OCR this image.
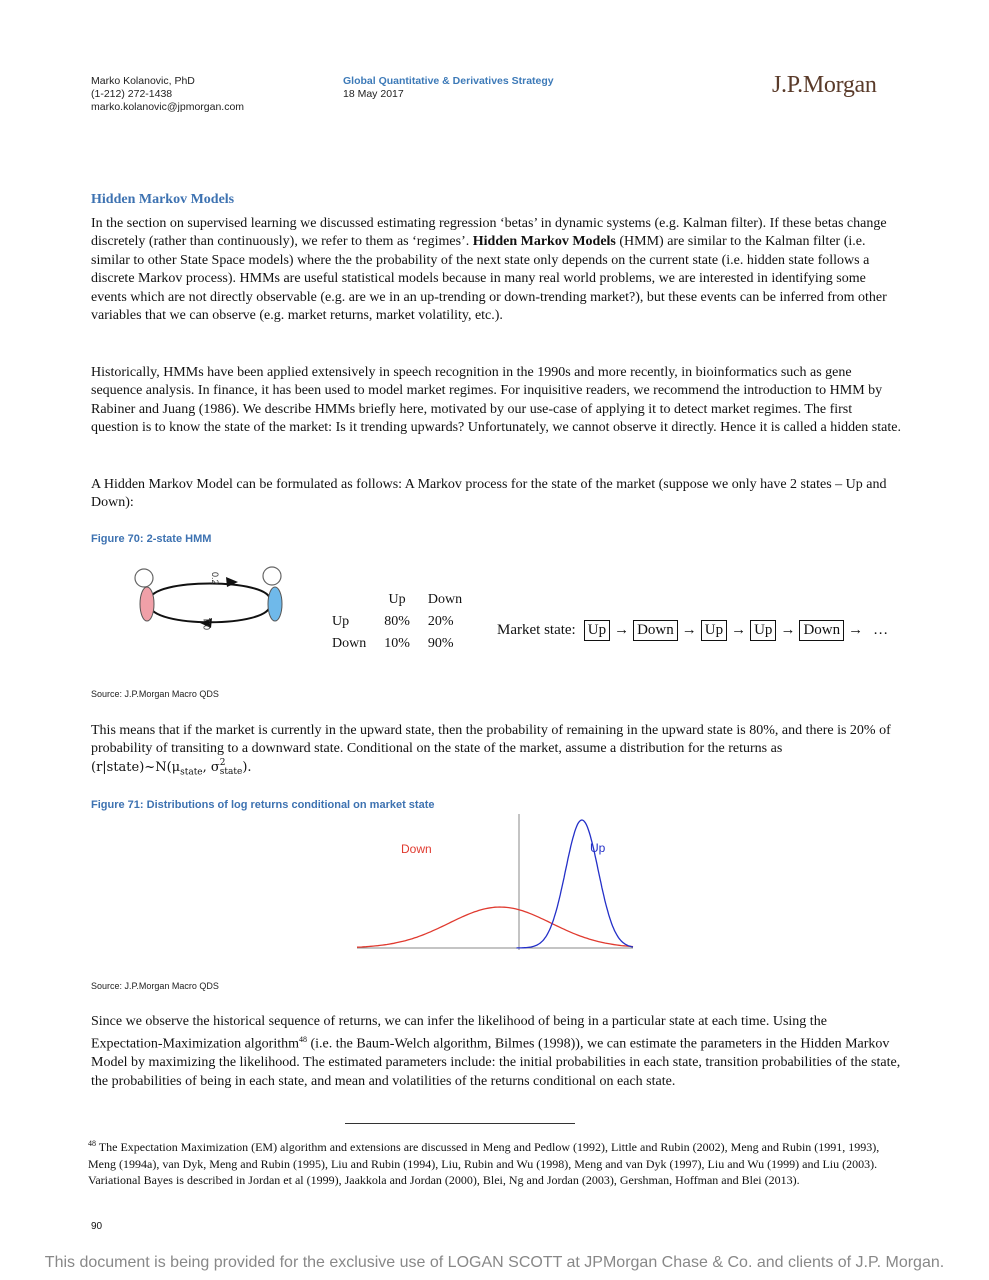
Marko Kolanovic, PhD
(1-212) 272-1438
marko.kolanovic@jpmorgan.com
Global Quantitative & Derivatives Strategy
18 May 2017	J.P.Morgan
Hidden Markov Models
In the section on supervised learning we discussed estimating regression ‘betas’ in dynamic systems (e.g. Kalman filter). If these betas change discretely (rather than continuously), we refer to them as ‘regimes’. Hidden Markov Models (HMM) are similar to the Kalman filter (i.e. similar to other State Space models) where the the probability of the next state only depends on the current state (i.e. hidden state follows a discrete Markov process). HMMs are useful statistical models because in many real world problems, we are interested in identifying some events which are not directly observable (e.g. are we in an up-trending or down-trending market?), but these events can be inferred from other variables that we can observe (e.g. market returns, market volatility, etc.).
Historically, HMMs have been applied extensively in speech recognition in the 1990s and more recently, in bioinformatics such as gene sequence analysis. In finance, it has been used to model market regimes. For inquisitive readers, we recommend the introduction to HMM by Rabiner and Juang (1986). We describe HMMs briefly here, motivated by our use-case of applying it to detect market regimes. The first question is to know the state of the market: Is it trending upwards? Unfortunately, we cannot observe it directly. Hence it is called a hidden state.
A Hidden Markov Model can be formulated as follows: A Markov process for the state of the market (suppose we only have 2 states – Up and Down):
Figure 70: 2-state HMM
0.2
0.1
	Up	Down
Up	80%	20%
Down	10%	90%
Market state: Up → Down → Up → Up → Down → …
Source: J.P.Morgan Macro QDS
This means that if the market is currently in the upward state, then the probability of remaining in the upward state is 80%, and there is 20% of probability of transiting to a downward state. Conditional on the state of the market, assume a distribution for the returns as $(r|state)\sim N(\mu_{state}$, σ 2
state ).
Figure 71: Distributions of log returns conditional on market state
Down	Up
Source: J.P.Morgan Macro QDS
Since we observe the historical sequence of returns, we can infer the likelihood of being in a particular state at each time. Using the Expectation-Maximization algorithm$^{48}$ (i.e. the Baum-Welch algorithm, Bilmes (1998)), we can estimate the parameters in the Hidden Markov Model by maximizing the likelihood. The estimated parameters include: the initial probabilities in each state, transition probabilities of the state, the probabilities of being in each state, and mean and volatilities of the returns conditional on each state.
$^{48}$ The Expectation Maximization (EM) algorithm and extensions are discussed in Meng and Pedlow (1992), Little and Rubin (2002), Meng and Rubin (1991, 1993), Meng (1994a), van Dyk, Meng and Rubin (1995), Liu and Rubin (1994), Liu, Rubin and Wu (1998), Meng and van Dyk (1997), Liu and Wu (1999) and Liu (2003). Variational Bayes is described in Jordan et al (1999), Jaakkola and Jordan (2000), Blei, Ng and Jordan (2003), Gershman, Hoffman and Blei (2013).
90
This document is being provided for the exclusive use of LOGAN SCOTT at JPMorgan Chase & Co. and clients of J.P. Morgan.
